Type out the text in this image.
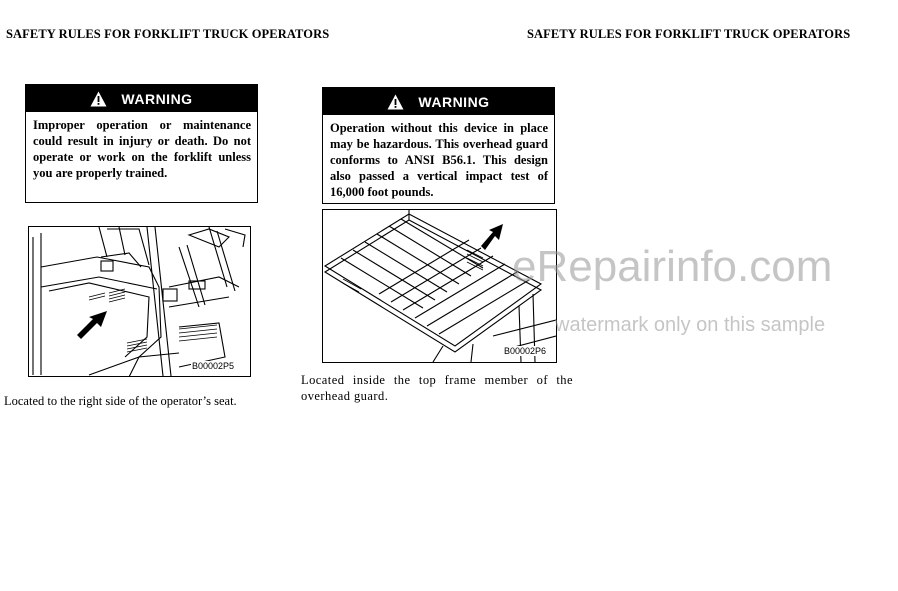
SAFETY RULES FOR FORKLIFT TRUCK OPERATORS	SAFETY RULES FOR FORKLIFT TRUCK OPERATORS
WARNING
Improper operation or maintenance could result in injury or death. Do not operate or work on the forklift unless you are properly trained.
WARNING
Operation without this device in place may be hazardous. This overhead guard conforms to ANSI B56.1. This design also passed a vertical impact test of 16,000 foot pounds.
B00002P5
B00002P6
Located to the right side of the operator’s seat.
Located inside the top frame member of the overhead guard.
eRepairinfo.com
watermark only on this sample
